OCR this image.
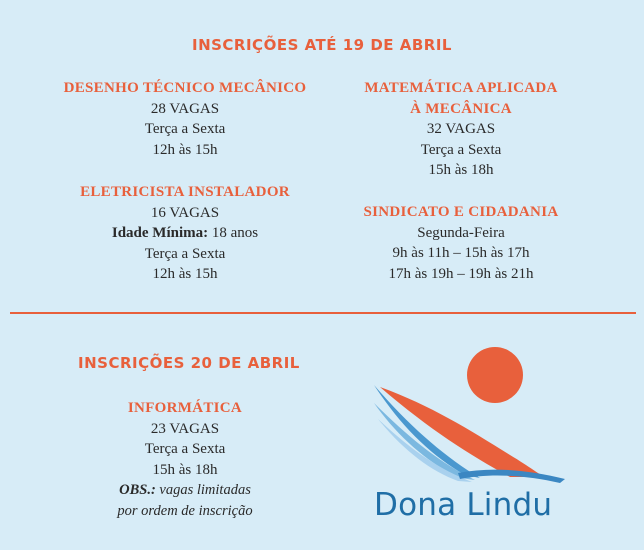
INSCRIÇÕES ATÉ 19 DE ABRIL
DESENHO TÉCNICO MECÂNICO
28 VAGAS
Terça a Sexta
12h às 15h
ELETRICISTA INSTALADOR
16 VAGAS
Idade Mínima: 18 anos
Terça a Sexta
12h às 15h
MATEMÁTICA APLICADA
À MECÂNICA
32 VAGAS
Terça a Sexta
15h às 18h
SINDICATO E CIDADANIA
Segunda-Feira
9h às 11h – 15h às 17h
17h às 19h – 19h às 21h
INSCRIÇÕES 20 DE ABRIL
INFORMÁTICA
23 VAGAS
Terça a Sexta
15h às 18h
OBS.: vagas limitadas
por ordem de inscrição	Dona Lindu
